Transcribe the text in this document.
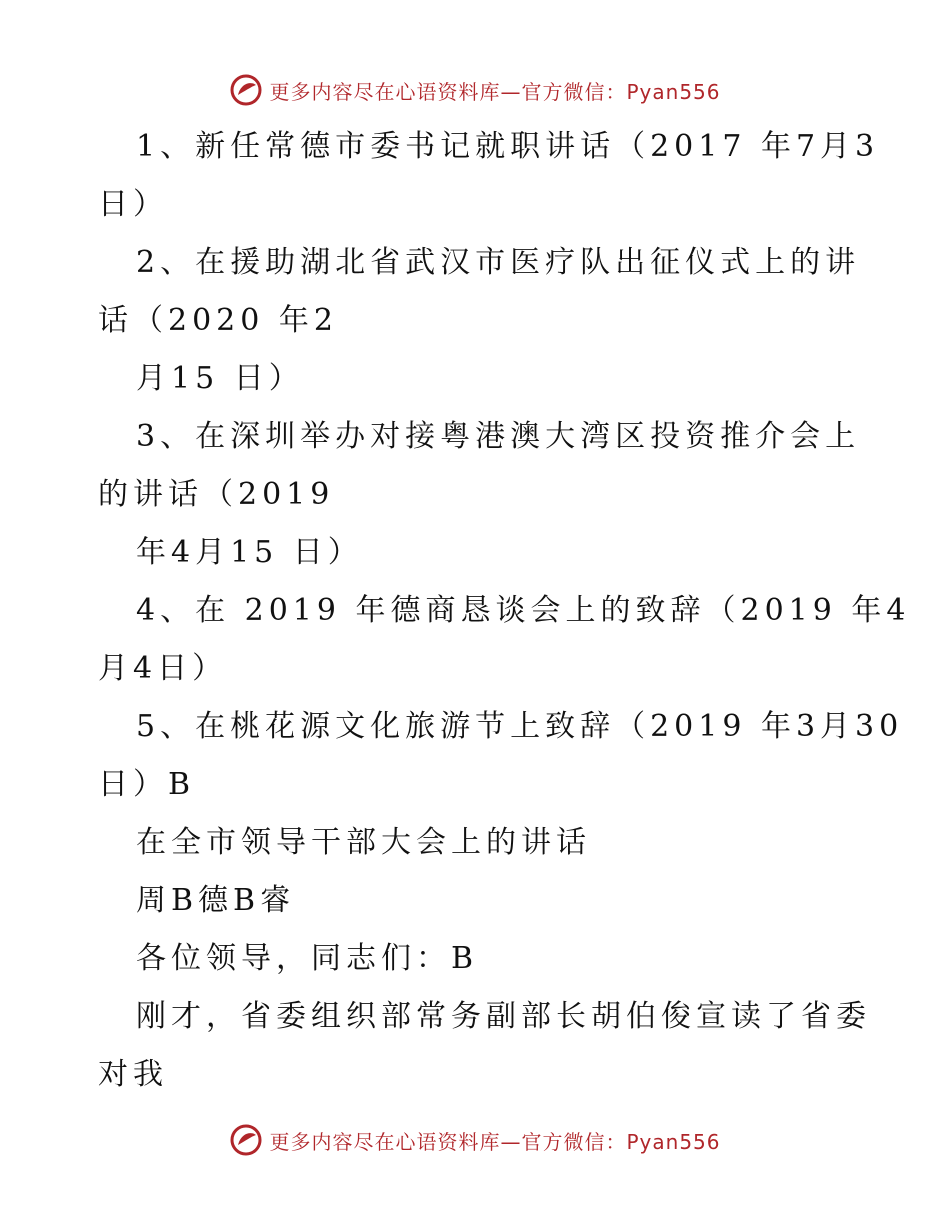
更多内容尽在心语资料库—官方微信：Pyan556
1、新任常德市委书记就职讲话（2017 年7月3
日）
2、在援助湖北省武汉市医疗队出征仪式上的讲
话（2020 年2
月15 日）
3、在深圳举办对接粤港澳大湾区投资推介会上
的讲话（2019
年4月15 日）
4、在 2019 年德商恳谈会上的致辞（2019 年4
月4日）
5、在桃花源文化旅游节上致辞（2019 年3月30
日）B
在全市领导干部大会上的讲话
周B德B睿
各位领导，同志们：B
刚才，省委组织部常务副部长胡伯俊宣读了省委
对我
更多内容尽在心语资料库—官方微信：Pyan556
